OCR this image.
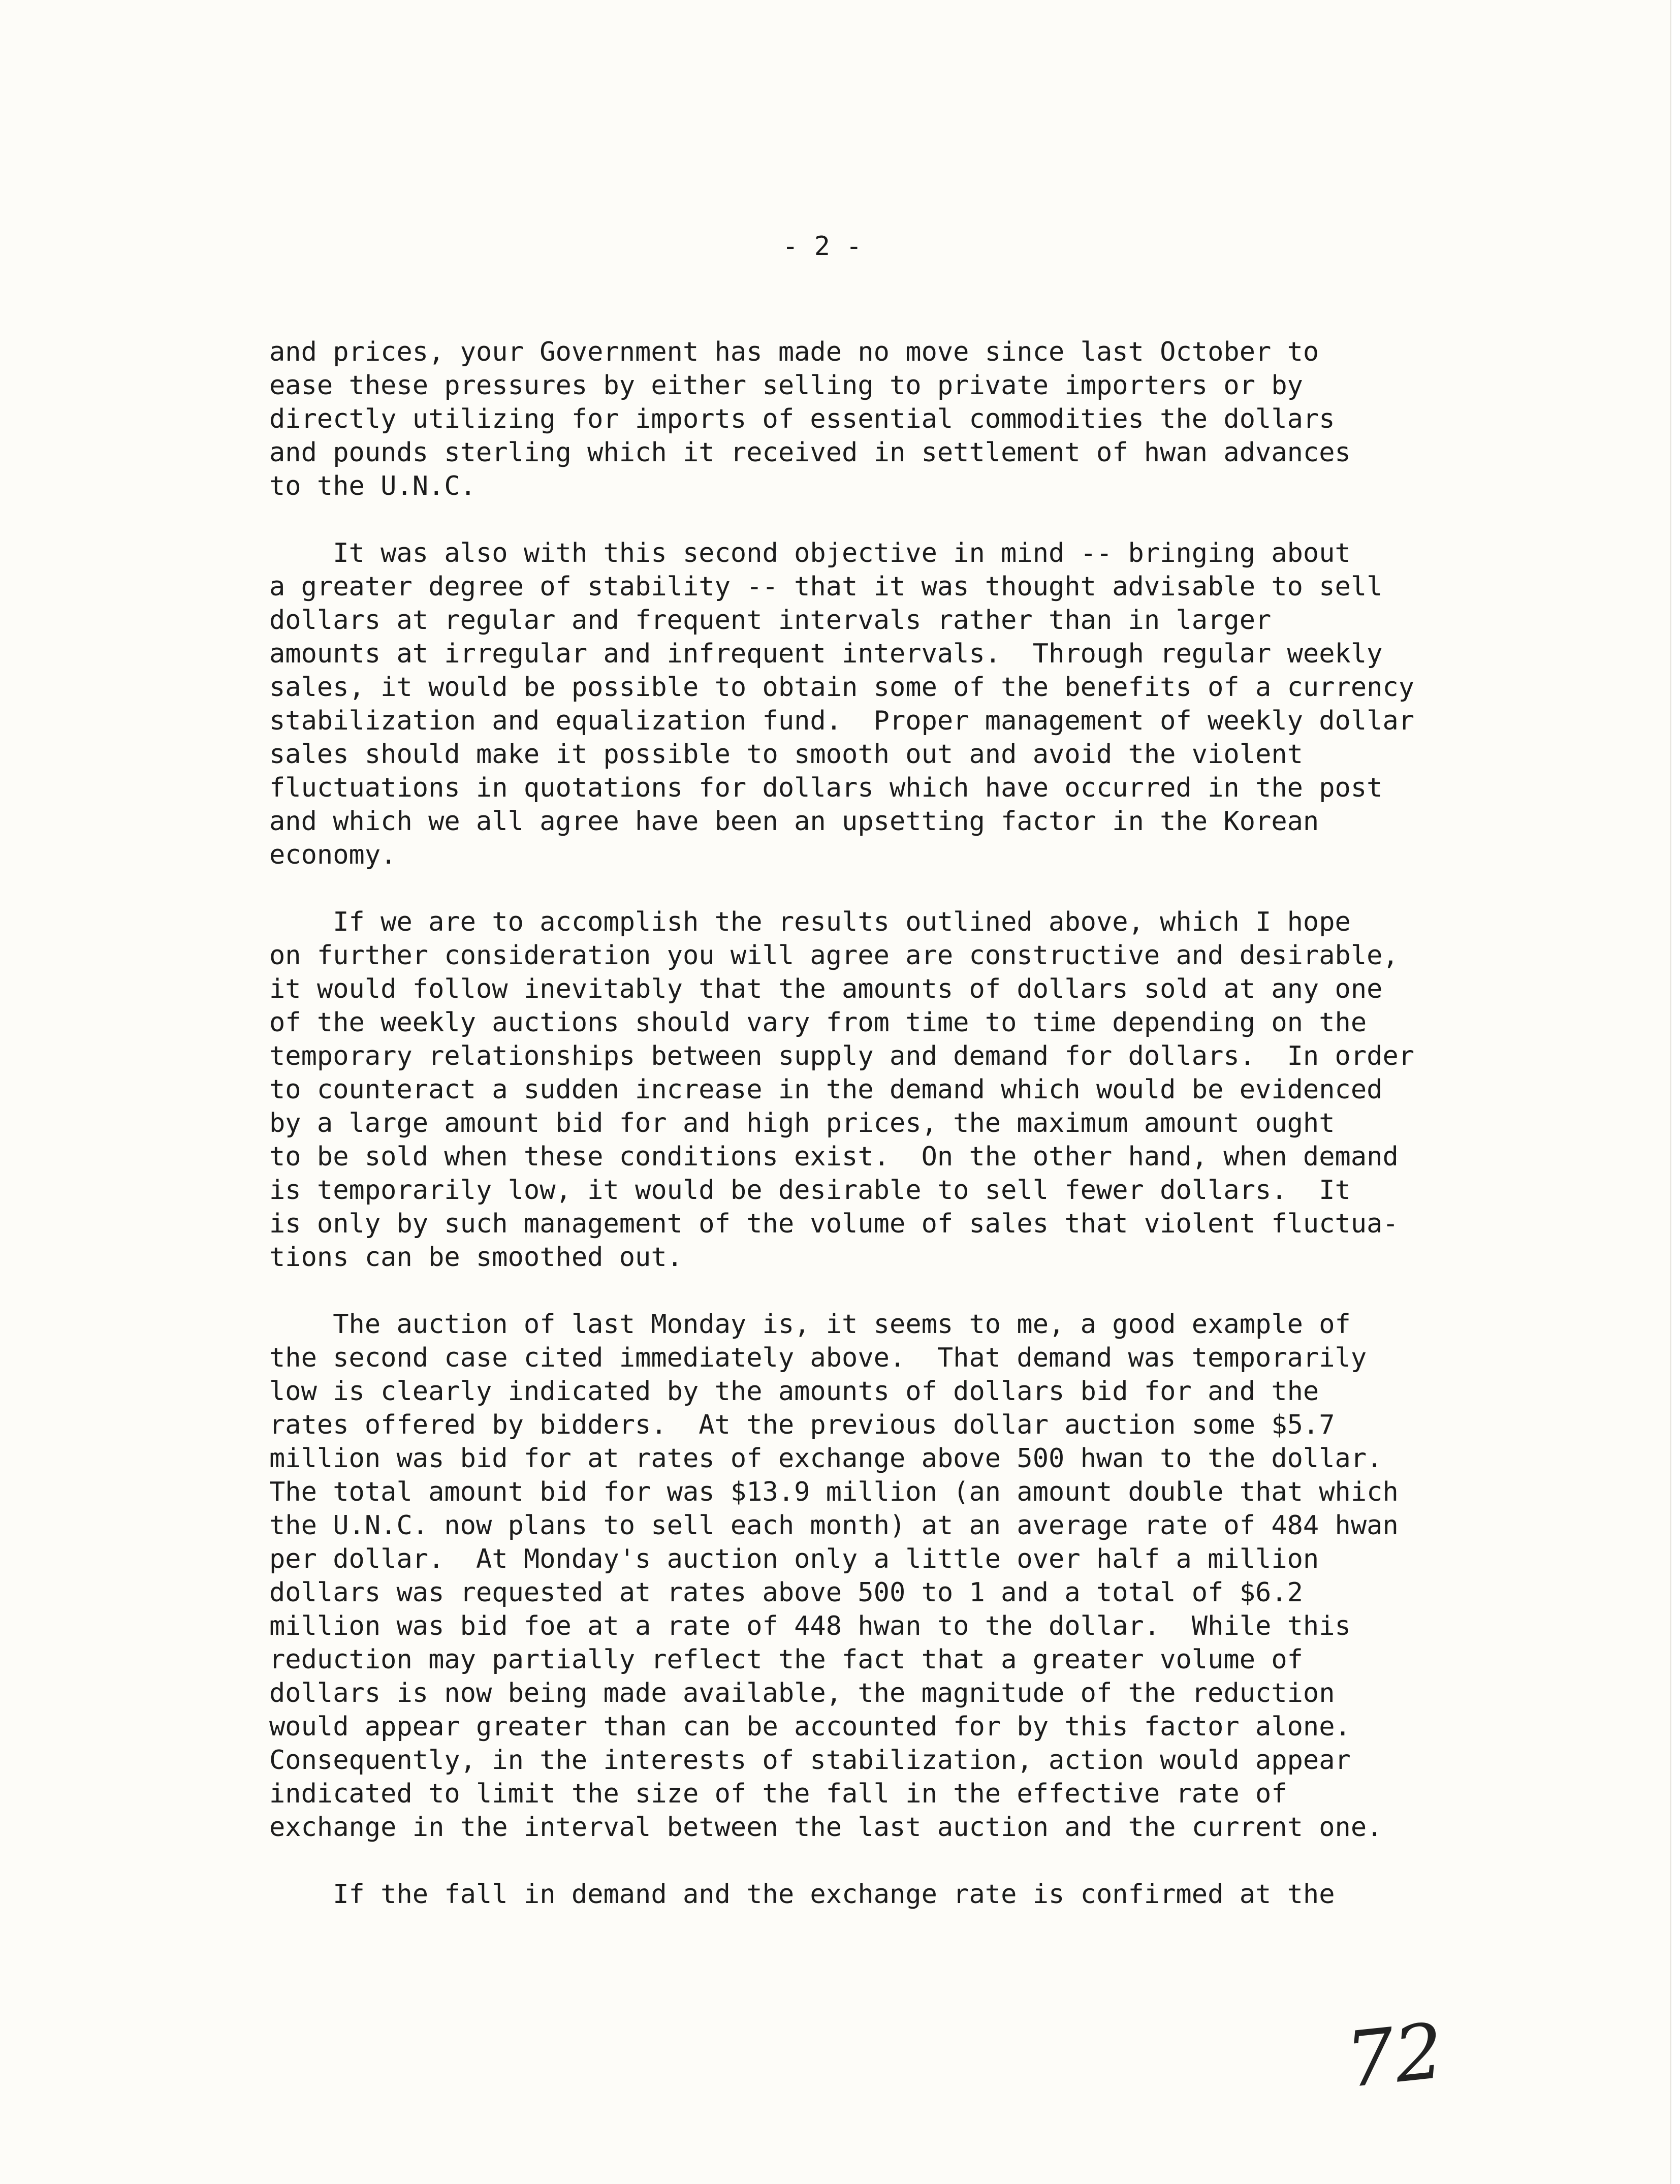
- 2 -

and prices, your Government has made no move since last October to
ease these pressures by either selling to private importers or by
directly utilizing for imports of essential commodities the dollars
and pounds sterling which it received in settlement of hwan advances
to the U.N.C.
It was also with this second objective in mind -- bringing about
a greater degree of stability -- that it was thought advisable to sell
dollars at regular and frequent intervals rather than in larger
amounts at irregular and infrequent intervals.  Through regular weekly
sales, it would be possible to obtain some of the benefits of a currency
stabilization and equalization fund.  Proper management of weekly dollar
sales should make it possible to smooth out and avoid the violent
fluctuations in quotations for dollars which have occurred in the post
and which we all agree have been an upsetting factor in the Korean
economy.
If we are to accomplish the results outlined above, which I hope
on further consideration you will agree are constructive and desirable,
it would follow inevitably that the amounts of dollars sold at any one
of the weekly auctions should vary from time to time depending on the
temporary relationships between supply and demand for dollars.  In order
to counteract a sudden increase in the demand which would be evidenced
by a large amount bid for and high prices, the maximum amount ought
to be sold when these conditions exist.  On the other hand, when demand
is temporarily low, it would be desirable to sell fewer dollars.  It
is only by such management of the volume of sales that violent fluctua-
tions can be smoothed out.
The auction of last Monday is, it seems to me, a good example of
the second case cited immediately above.  That demand was temporarily
low is clearly indicated by the amounts of dollars bid for and the
rates offered by bidders.  At the previous dollar auction some $5.7
million was bid for at rates of exchange above 500 hwan to the dollar.
The total amount bid for was $13.9 million (an amount double that which
the U.N.C. now plans to sell each month) at an average rate of 484 hwan
per dollar.  At Monday's auction only a little over half a million
dollars was requested at rates above 500 to 1 and a total of $6.2
million was bid foe at a rate of 448 hwan to the dollar.  While this
reduction may partially reflect the fact that a greater volume of
dollars is now being made available, the magnitude of the reduction
would appear greater than can be accounted for by this factor alone.
Consequently, in the interests of stabilization, action would appear
indicated to limit the size of the fall in the effective rate of
exchange in the interval between the last auction and the current one.
If the fall in demand and the exchange rate is confirmed at the

72
